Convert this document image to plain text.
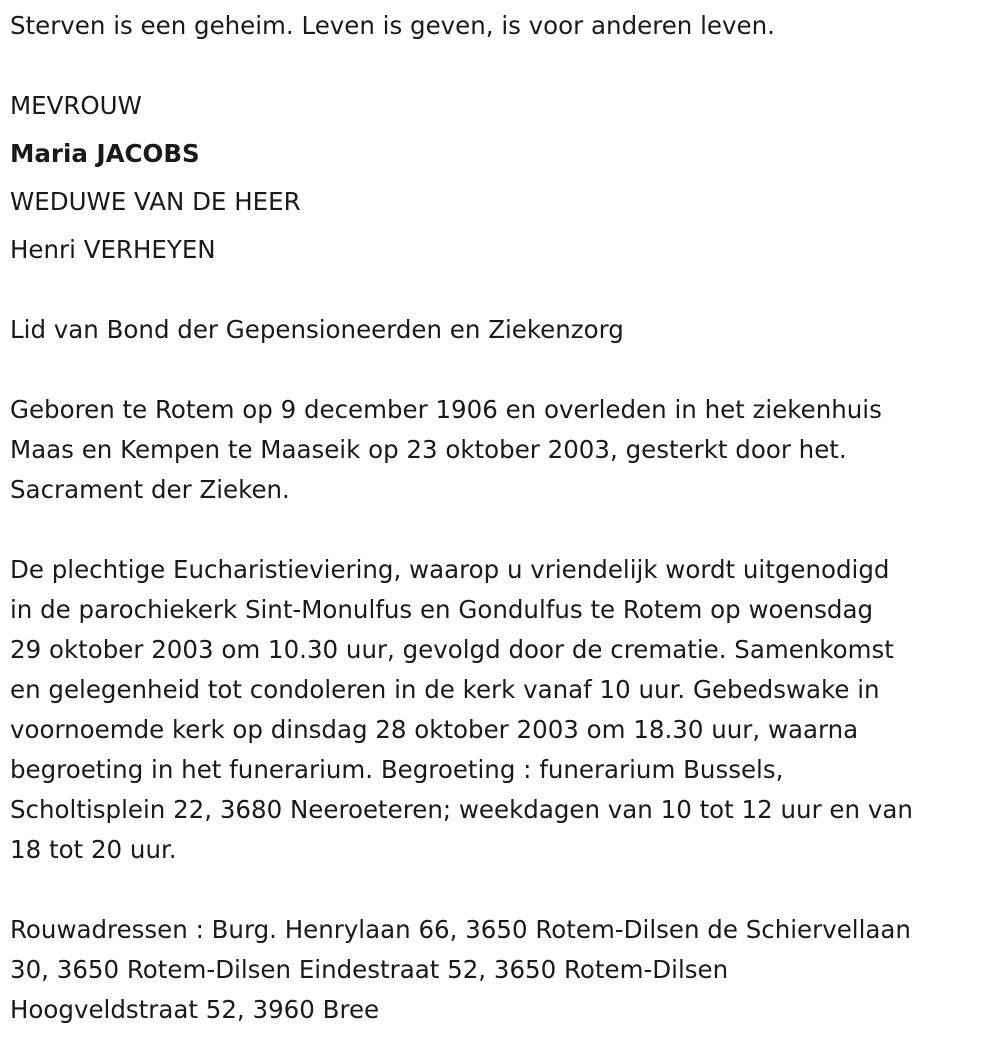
Sterven is een geheim. Leven is geven, is voor anderen leven.
MEVROUW
Maria JACOBS
WEDUWE VAN DE HEER
Henri VERHEYEN
Lid van Bond der Gepensioneerden en Ziekenzorg

Geboren te Rotem op 9 december 1906 en overleden in het ziekenhuis
Maas en Kempen te Maaseik op 23 oktober 2003, gesterkt door het.
Sacrament der Zieken.

De plechtige Eucharistieviering, waarop u vriendelijk wordt uitgenodigd
in de parochiekerk Sint-Monulfus en Gondulfus te Rotem op woensdag
29 oktober 2003 om 10.30 uur, gevolgd door de crematie. Samenkomst
en gelegenheid tot condoleren in de kerk vanaf 10 uur. Gebedswake in
voornoemde kerk op dinsdag 28 oktober 2003 om 18.30 uur, waarna
begroeting in het funerarium. Begroeting : funerarium Bussels,
Scholtisplein 22, 3680 Neeroeteren; weekdagen van 10 tot 12 uur en van
18 tot 20 uur.

Rouwadressen : Burg. Henrylaan 66, 3650 Rotem-Dilsen de Schiervellaan
30, 3650 Rotem-Dilsen Eindestraat 52, 3650 Rotem-Dilsen
Hoogveldstraat 52, 3960 Bree
